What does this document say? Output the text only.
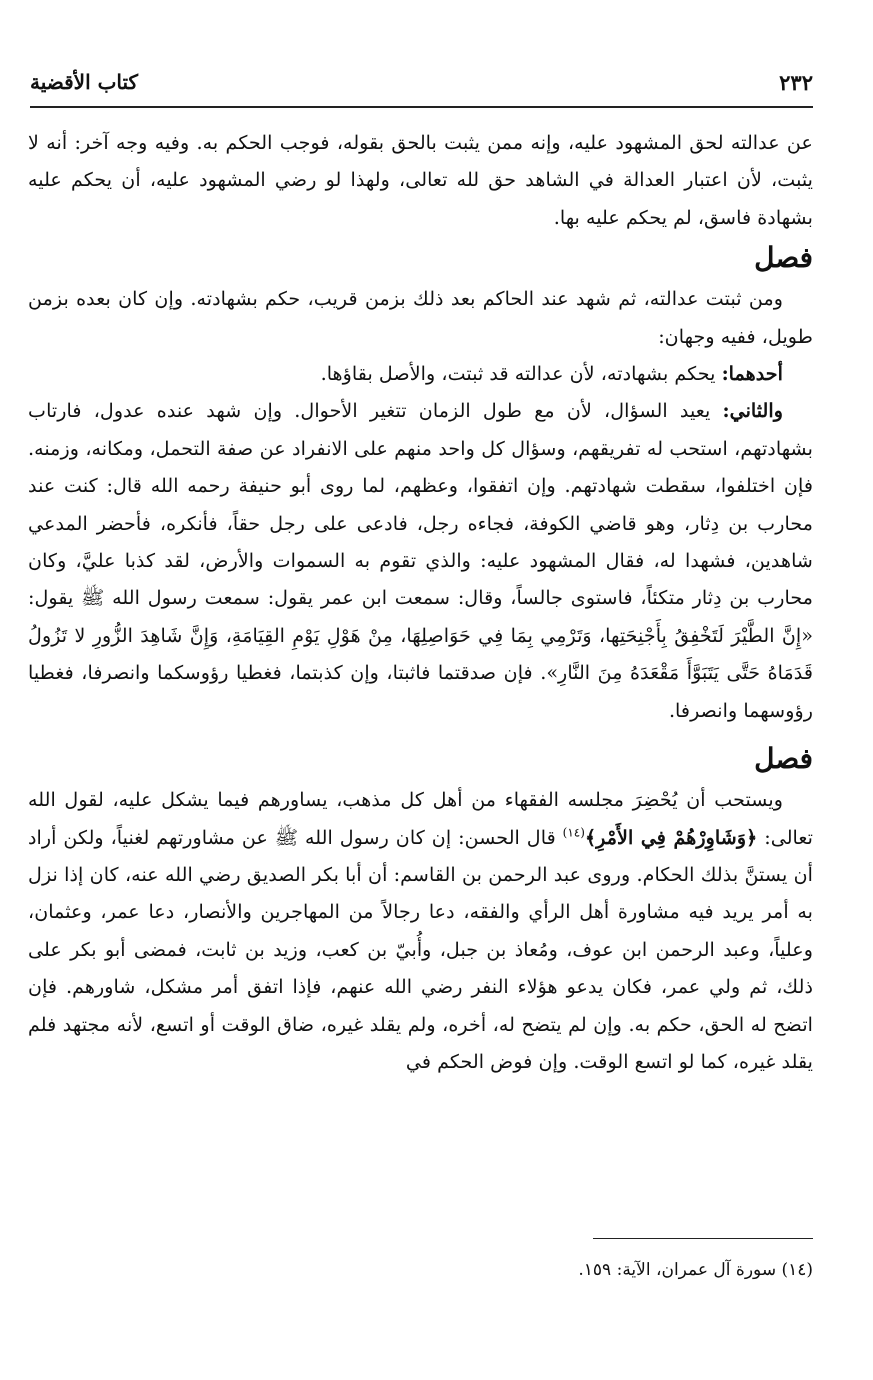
٢٣٢
كتاب الأقضية

عن عدالته لحق المشهود عليه، وإنه ممن يثبت بالحق بقوله، فوجب الحكم به. وفيه وجه آخر: أنه لا يثبت، لأن اعتبار العدالة في الشاهد حق لله تعالى، ولهذا لو رضي المشهود عليه، أن يحكم عليه بشهادة فاسق، لم يحكم عليه بها.

فصل

ومن ثبتت عدالته، ثم شهد عند الحاكم بعد ذلك بزمن قريب، حكم بشهادته. وإن كان بعده بزمن طويل، ففيه وجهان:

أحدهما: يحكم بشهادته، لأن عدالته قد ثبتت، والأصل بقاؤها.

والثاني: يعيد السؤال، لأن مع طول الزمان تتغير الأحوال. وإن شهد عنده عدول، فارتاب بشهادتهم، استحب له تفريقهم، وسؤال كل واحد منهم على الانفراد عن صفة التحمل، ومكانه، وزمنه. فإن اختلفوا، سقطت شهادتهم. وإن اتفقوا، وعظهم، لما روى أبو حنيفة رحمه الله قال: كنت عند محارب بن دِثار، وهو قاضي الكوفة، فجاءه رجل، فادعى على رجل حقاً، فأنكره، فأحضر المدعي شاهدين، فشهدا له، فقال المشهود عليه: والذي تقوم به السموات والأرض، لقد كذبا عليَّ، وكان محارب بن دِثار متكئاً، فاستوى جالساً، وقال: سمعت ابن عمر يقول: سمعت رسول الله ﷺ يقول: «إِنَّ الطَّيْرَ لَتَخْفِقُ بِأَجْنِحَتِها، وَتَرْمِي بِمَا فِي حَوَاصِلِهَا، مِنْ هَوْلِ يَوْمِ القِيَامَةِ، وَإِنَّ شَاهِدَ الزُّورِ لا تَزُولُ قَدَمَاهُ حَتَّى يَتَبَوَّأَ مَقْعَدَهُ مِنَ النَّارِ». فإن صدقتما فاثبتا، وإن كذبتما، فغطيا رؤوسكما وانصرفا، فغطيا رؤوسهما وانصرفا.

فصل

ويستحب أن يُحْضِرَ مجلسه الفقهاء من أهل كل مذهب، يساورهم فيما يشكل عليه، لقول الله تعالى: ﴿وَشَاوِرْهُمْ فِي الأَمْرِ﴾$^{(١٤)}$ قال الحسن: إن كان رسول الله ﷺ عن مشاورتهم لغنياً، ولكن أراد أن يستنَّ بذلك الحكام. وروى عبد الرحمن بن القاسم: أن أبا بكر الصديق رضي الله عنه، كان إذا نزل به أمر يريد فيه مشاورة أهل الرأي والفقه، دعا رجالاً من المهاجرين والأنصار، دعا عمر، وعثمان، وعلياً، وعبد الرحمن ابن عوف، ومُعاذ بن جبل، وأُبيّ بن كعب، وزيد بن ثابت، فمضى أبو بكر على ذلك، ثم ولي عمر، فكان يدعو هؤلاء النفر رضي الله عنهم، فإذا اتفق أمر مشكل، شاورهم. فإن اتضح له الحق، حكم به. وإن لم يتضح له، أخره، ولم يقلد غيره، ضاق الوقت أو اتسع، لأنه مجتهد فلم يقلد غيره، كما لو اتسع الوقت. وإن فوض الحكم في

(١٤) سورة آل عمران، الآية: ١٥٩.
